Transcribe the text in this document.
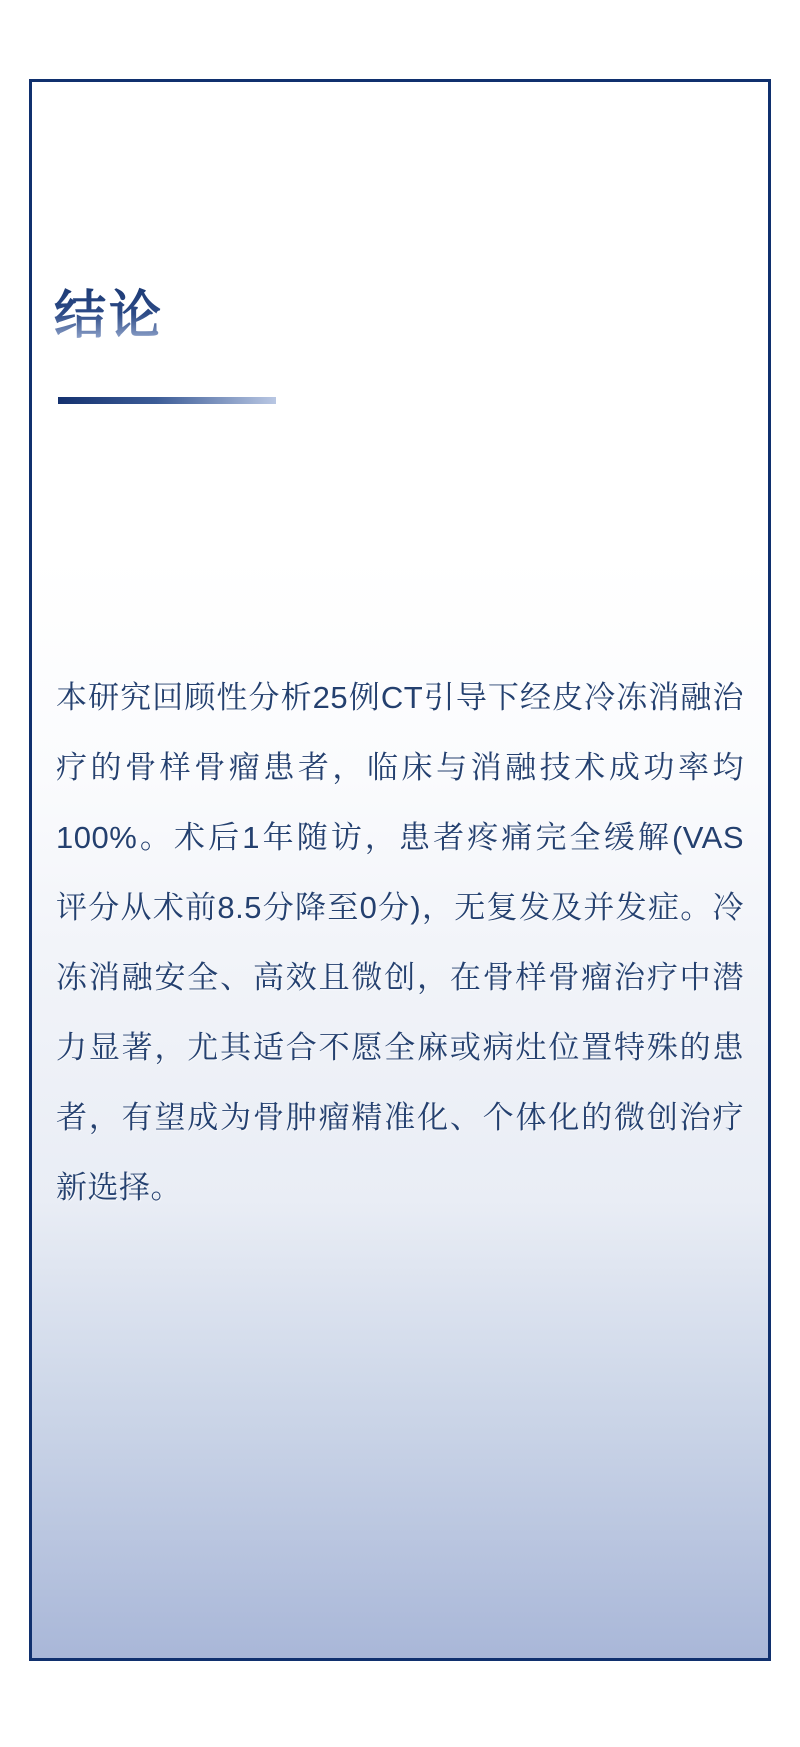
结论
本研究回顾性分析25例CT引导下经皮冷冻消融治
疗的骨样骨瘤患者，临床与消融技术成功率均
100%。术后1年随访，患者疼痛完全缓解(VAS
评分从术前8.5分降至0分)，无复发及并发症。冷
冻消融安全、高效且微创，在骨样骨瘤治疗中潜
力显著，尤其适合不愿全麻或病灶位置特殊的患
者，有望成为骨肿瘤精准化、个体化的微创治疗
新选择。
